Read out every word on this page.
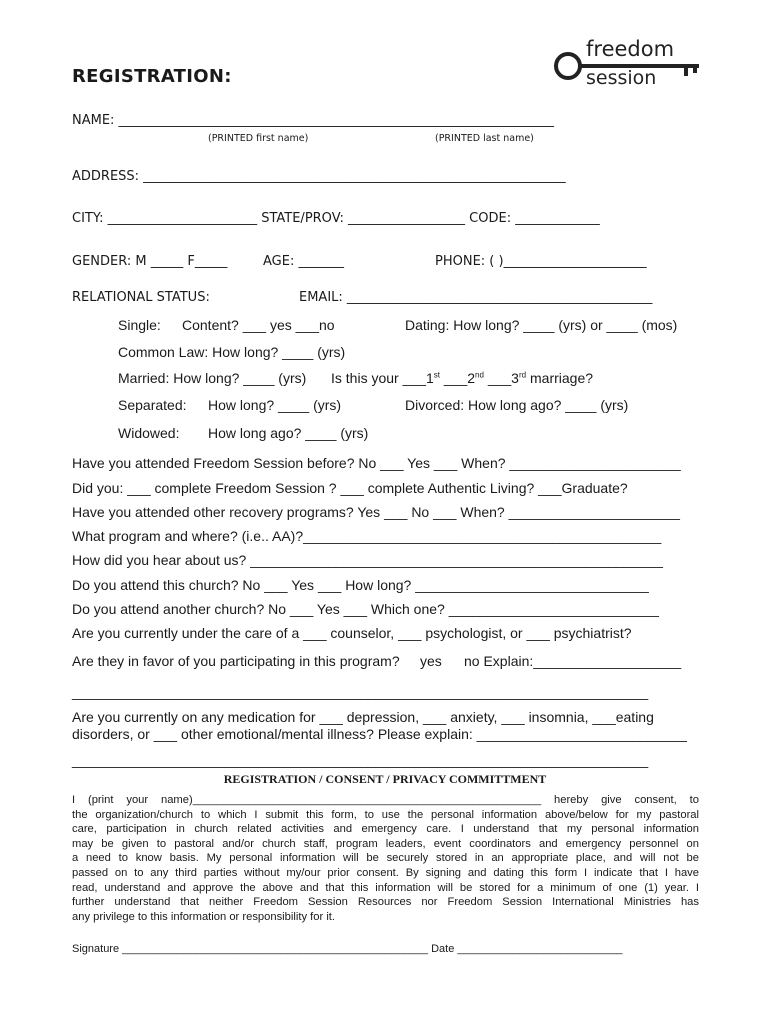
freedom
session
REGISTRATION:
NAME: ___________________________________________________________________
(PRINTED first name)	(PRINTED last name)
ADDRESS: _________________________________________________________________
CITY: _______________________ STATE/PROV: __________________ CODE: _____________
GENDER: M _____ F_____	AGE: _______	PHONE: ( )______________________
RELATIONAL STATUS:	EMAIL: _______________________________________________
Single: Content? ___ yes ___no	Dating: How long? ____ (yrs) or ____ (mos)
Common Law: How long? ____ (yrs)
Married: How long? ____ (yrs) Is this your ___1st ___2nd ___3rd marriage?
Separated: How long? ____ (yrs)	Divorced: How long ago? ____ (yrs)
Widowed: How long ago? ____ (yrs)
Have you attended Freedom Session before? No ___ Yes ___ When? ______________________
Did you: ___ complete Freedom Session ? ___ complete Authentic Living? ___Graduate?
Have you attended other recovery programs? Yes ___ No ___ When? ______________________
What program and where? (i.e.. AA)?______________________________________________
How did you hear about us? _____________________________________________________
Do you attend this church? No ___ Yes ___ How long? ______________________________
Do you attend another church? No ___ Yes ___ Which one? ___________________________
Are you currently under the care of a ___ counselor, ___ psychologist, or ___ psychiatrist?
Are they in favor of you participating in this program? yes no Explain:___________________
__________________________________________________________________________
Are you currently on any medication for ___ depression, ___ anxiety, ___ insomnia, ___eating
disorders, or ___ other emotional/mental illness? Please explain: ___________________________
__________________________________________________________________________
REGISTRATION / CONSENT / PRIVACY COMMITTMENT
I (print your name)________________________________________________________ hereby give consent, to
the organization/church to which I submit this form, to use the personal information above/below for my pastoral
care, participation in church related activities and emergency care. I understand that my personal information
may be given to pastoral and/or church staff, program leaders, event coordinators and emergency personnel on
a need to know basis. My personal information will be securely stored in an appropriate place, and will not be
passed on to any third parties without my/our prior consent. By signing and dating this form I indicate that I have
read, understand and approve the above and that this information will be stored for a minimum of one (1) year. I
further understand that neither Freedom Session Resources nor Freedom Session International Ministries has
any privilege to this information or responsibility for it.
Signature __________________________________________________ Date ___________________________
